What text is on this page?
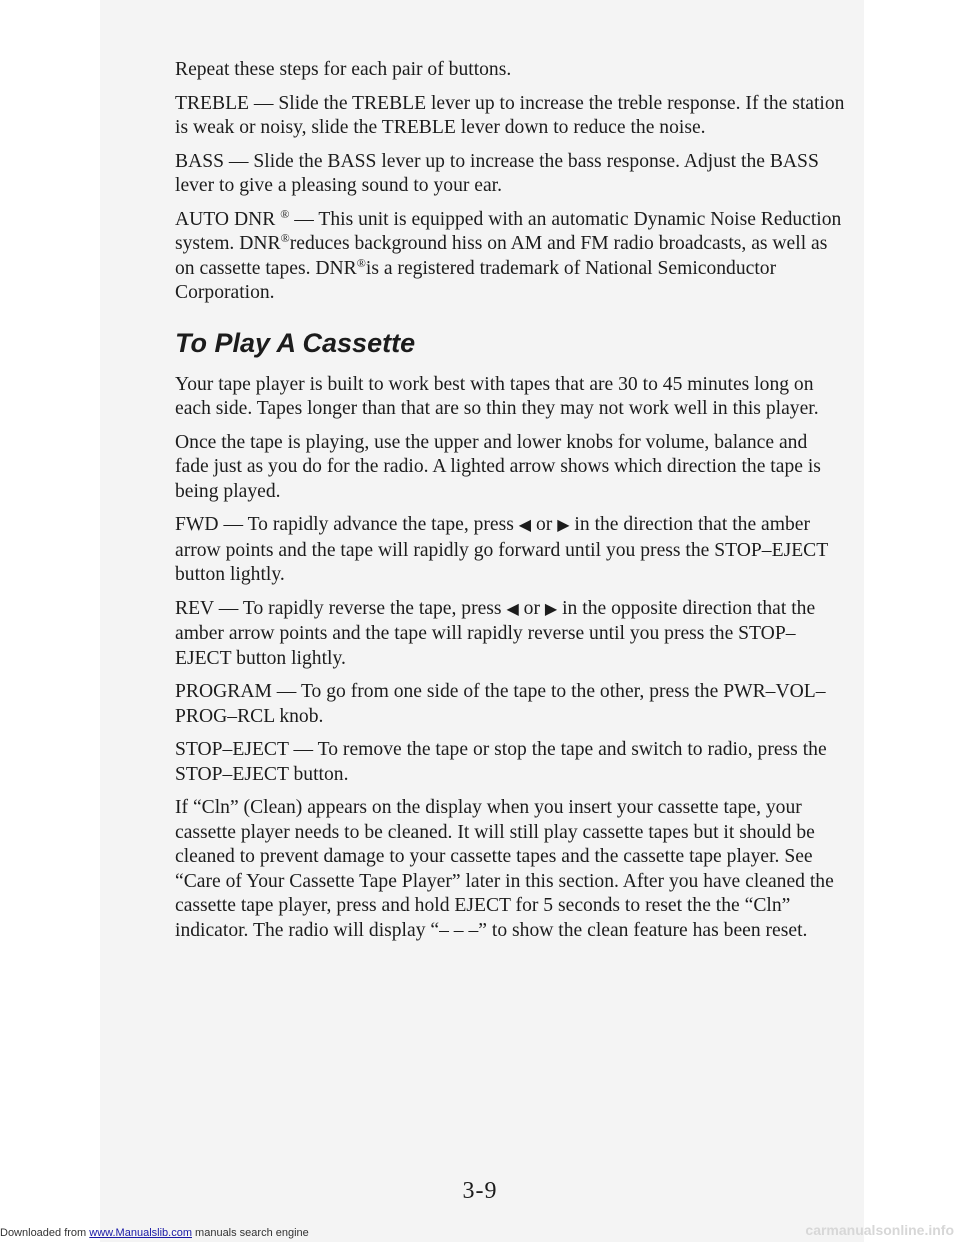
Repeat these steps for each pair of buttons.

TREBLE — Slide the TREBLE lever up to increase the treble response. If the station is weak or noisy, slide the TREBLE lever down to reduce the noise.

BASS — Slide the BASS lever up to increase the bass response. Adjust the BASS lever to give a pleasing sound to your ear.

AUTO DNR ® — This unit is equipped with an automatic Dynamic Noise Reduction system. DNR®reduces background hiss on AM and FM radio broadcasts, as well as on cassette tapes. DNR®is a registered trademark of National Semiconductor Corporation.

To Play A Cassette

Your tape player is built to work best with tapes that are 30 to 45 minutes long on each side. Tapes longer than that are so thin they may not work well in this player.

Once the tape is playing, use the upper and lower knobs for volume, balance and fade just as you do for the radio. A lighted arrow shows which direction the tape is being played.

FWD — To rapidly advance the tape, press ◀ or ▶ in the direction that the amber arrow points and the tape will rapidly go forward until you press the STOP–EJECT button lightly.

REV — To rapidly reverse the tape, press ◀ or ▶ in the opposite direction that the amber arrow points and the tape will rapidly reverse until you press the STOP–EJECT button lightly.

PROGRAM — To go from one side of the tape to the other, press the PWR–VOL–PROG–RCL knob.

STOP–EJECT — To remove the tape or stop the tape and switch to radio, press the STOP–EJECT button.

If “Cln” (Clean) appears on the display when you insert your cassette tape, your cassette player needs to be cleaned. It will still play cassette tapes but it should be cleaned to prevent damage to your cassette tapes and the cassette tape player. See “Care of Your Cassette Tape Player” later in this section. After you have cleaned the cassette tape player, press and hold EJECT for 5 seconds to reset the the “Cln” indicator. The radio will display “– – –” to show the clean feature has been reset.

3-9
Downloaded from www.Manualslib.com manuals search engine	carmanualsonline.info
